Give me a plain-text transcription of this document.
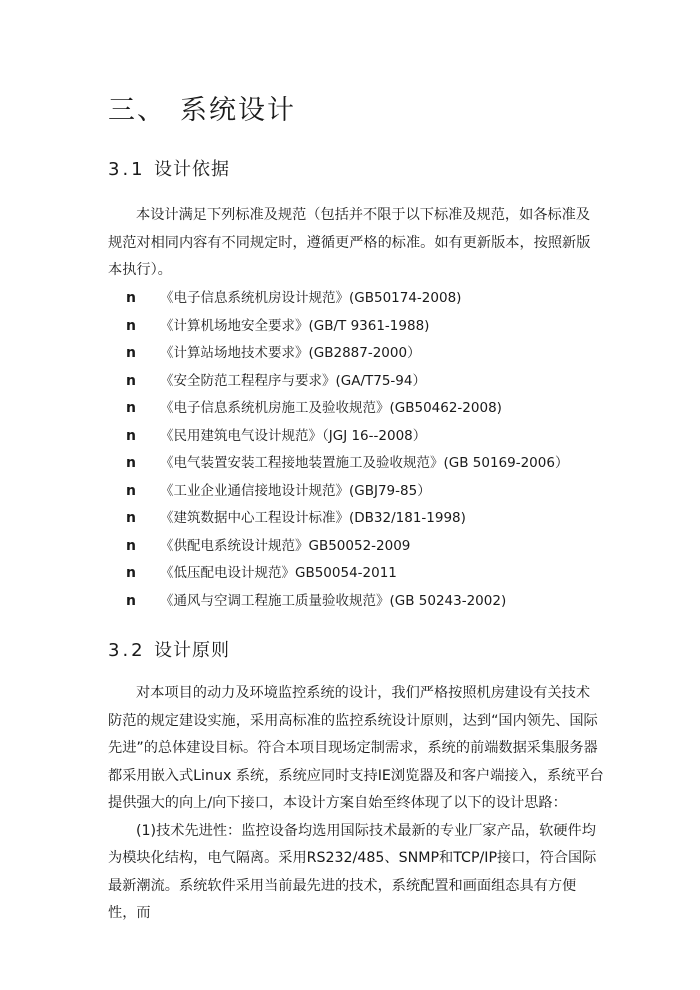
三、 系统设计
3.1 设计依据

本设计满足下列标准及规范（包括并不限于以下标准及规范，如各标准及规范对相同内容有不同规定时，遵循更严格的标准。如有更新版本，按照新版本执行）。

n 《电子信息系统机房设计规范》(GB50174-2008)
n 《计算机场地安全要求》(GB/T 9361-1988)
n 《计算站场地技术要求》(GB2887-2000）
n 《安全防范工程程序与要求》(GA/T75-94）
n 《电子信息系统机房施工及验收规范》(GB50462-2008)
n 《民用建筑电气设计规范》（JGJ 16--2008）
n 《电气装置安装工程接地装置施工及验收规范》(GB 50169-2006）
n 《工业企业通信接地设计规范》(GBJ79-85）
n 《建筑数据中心工程设计标准》(DB32/181-1998)
n 《供配电系统设计规范》GB50052-2009
n 《低压配电设计规范》GB50054-2011
n 《通风与空调工程施工质量验收规范》(GB 50243-2002)
3.2 设计原则

对本项目的动力及环境监控系统的设计，我们严格按照机房建设有关技术防范的规定建设实施，采用高标准的监控系统设计原则，达到“国内领先、国际先进”的总体建设目标。符合本项目现场定制需求，系统的前端数据采集服务器都采用嵌入式Linux 系统，系统应同时支持IE浏览器及和客户端接入，系统平台提供强大的向上/向下接口，本设计方案自始至终体现了以下的设计思路：

(1)技术先进性：监控设备均选用国际技术最新的专业厂家产品，软硬件均为模块化结构，电气隔离。采用RS232/485、SNMP和TCP/IP接口，符合国际最新潮流。系统软件采用当前最先进的技术，系统配置和画面组态具有方便性，而
